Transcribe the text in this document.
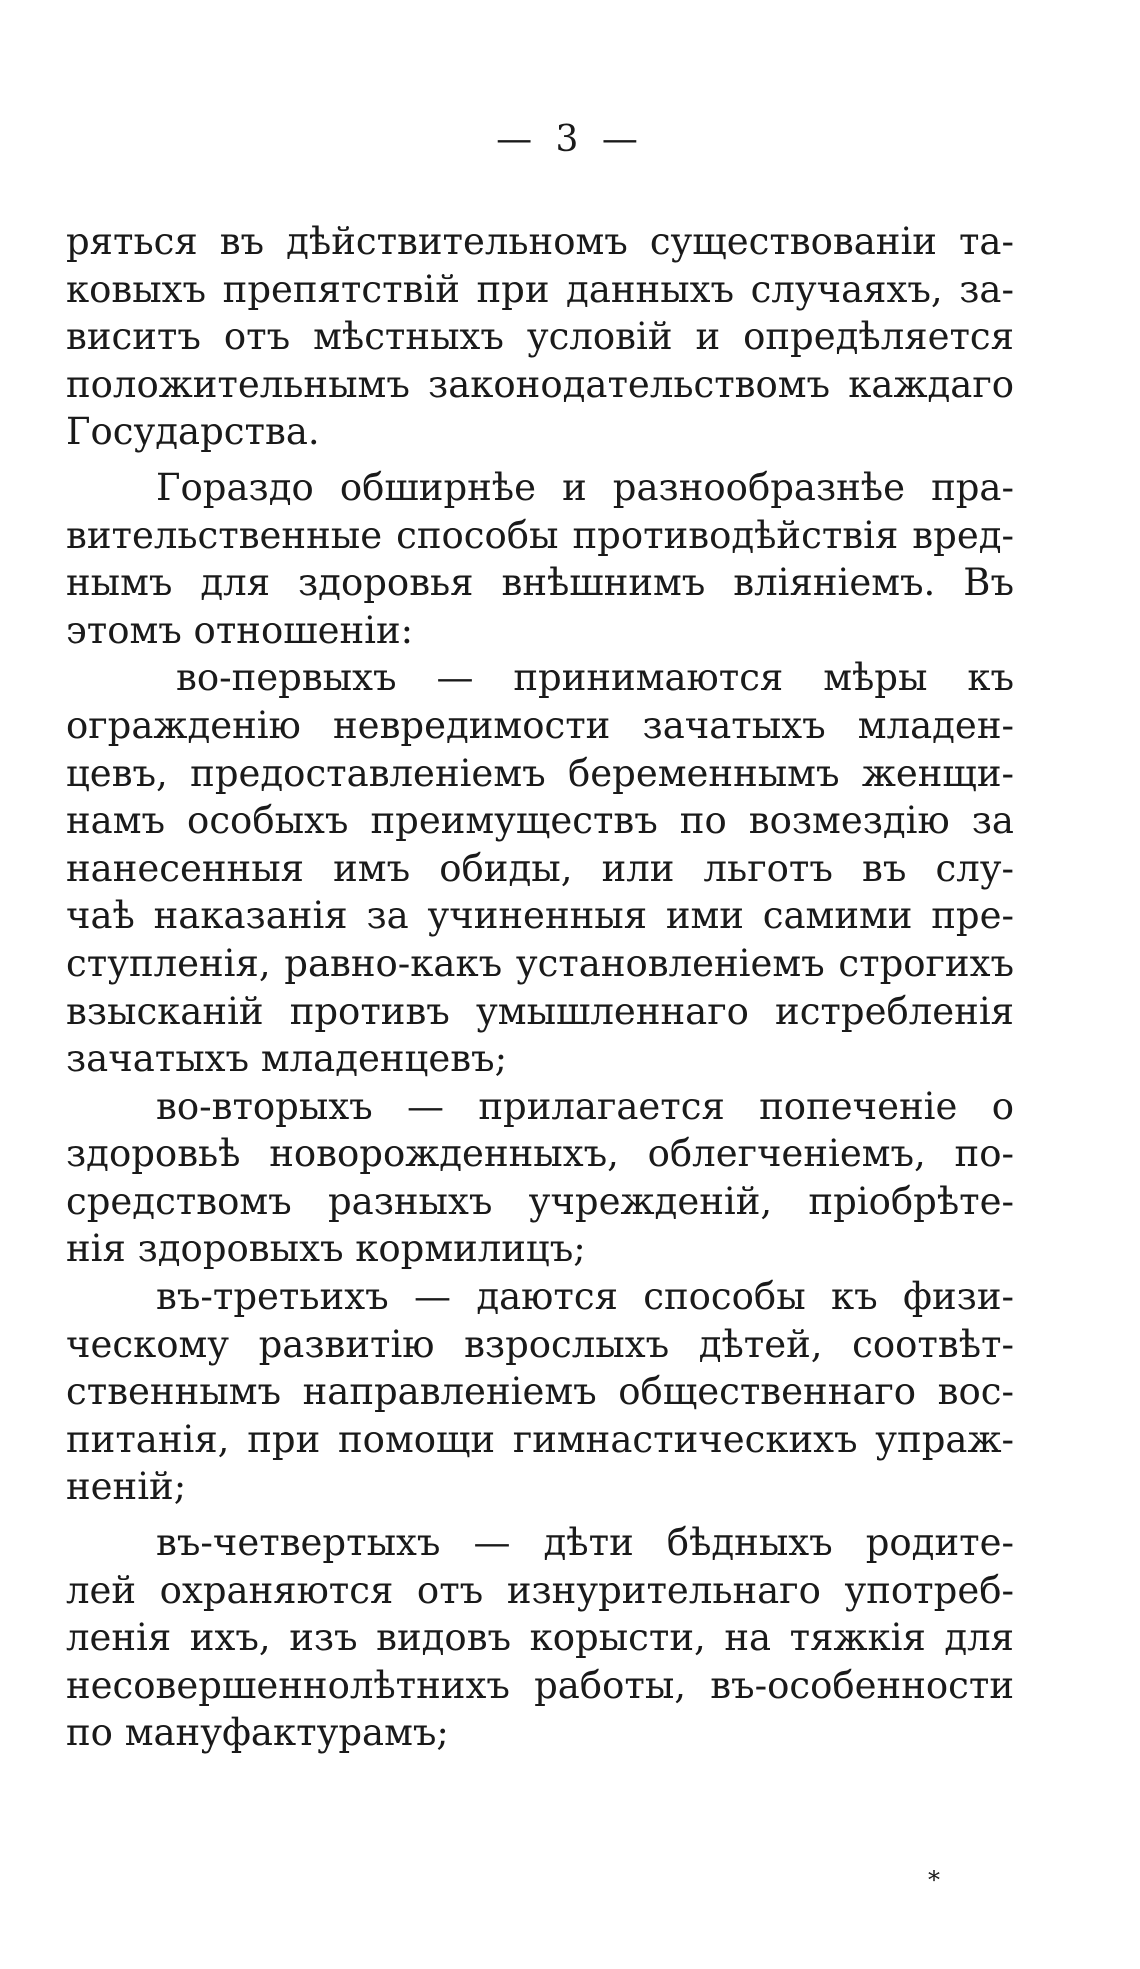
— 3 —
ряться въ дѣйствительномъ существованіи та-
ковыхъ препятствій при данныхъ случаяхъ, за-
виситъ отъ мѣстныхъ условій и опредѣляется
положительнымъ законодательствомъ каждаго
Государства.
Гораздо обширнѣе и разнообразнѣе пра-
вительственные способы противодѣйствія вред-
нымъ для здоровья внѣшнимъ вліяніемъ. Въ
этомъ отношеніи:
во-первыхъ — принимаются мѣры къ
огражденію невредимости зачатыхъ младен-
цевъ, предоставленіемъ беременнымъ женщи-
намъ особыхъ преимуществъ по возмездію за
нанесенныя имъ обиды, или льготъ въ слу-
чаѣ наказанія за учиненныя ими самими пре-
ступленія, равно-какъ установленіемъ строгихъ
взысканій противъ умышленнаго истребленія
зачатыхъ младенцевъ;
во-вторыхъ — прилагается попеченіе о
здоровьѣ новорожденныхъ, облегченіемъ, по-
средствомъ разныхъ учрежденій, пріобрѣте-
нія здоровыхъ кормилицъ;
въ-третьихъ — даются способы къ физи-
ческому развитію взрослыхъ дѣтей, соотвѣт-
ственнымъ направленіемъ общественнаго вос-
питанія, при помощи гимнастическихъ упраж-
неній;
въ-четвертыхъ — дѣти бѣдныхъ родите-
лей охраняются отъ изнурительнаго употреб-
ленія ихъ, изъ видовъ корысти, на тяжкія для
несовершеннолѣтнихъ работы, въ-особенности
по мануфактурамъ;
*
